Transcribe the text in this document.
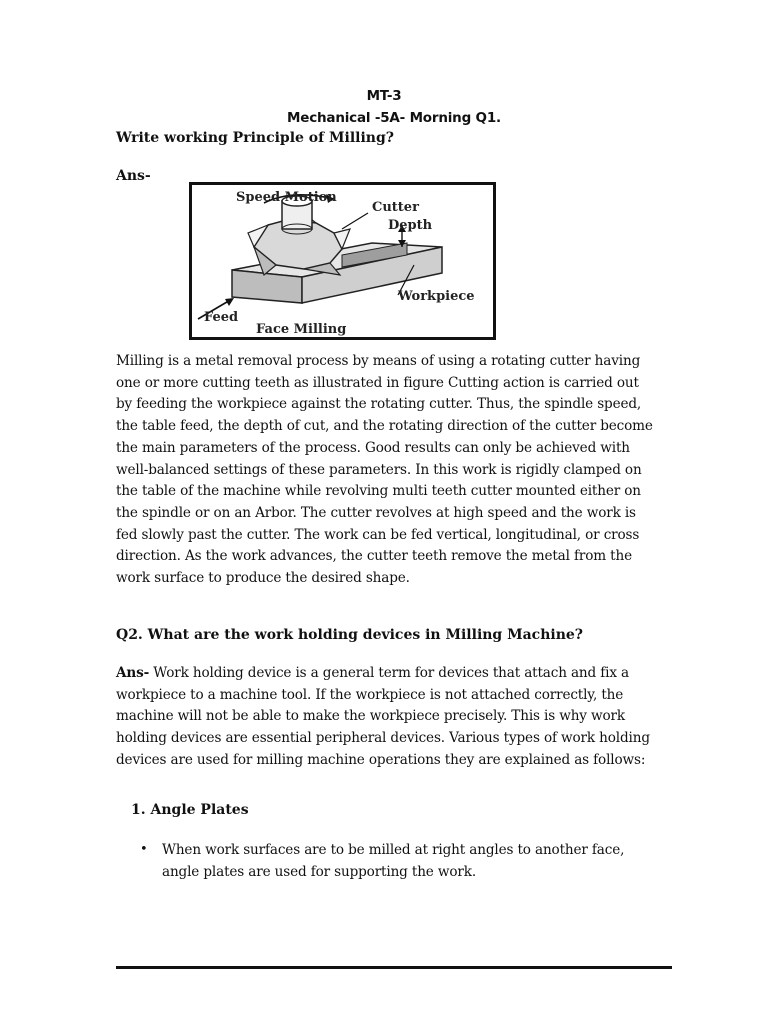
MT-3
Mechanical -5A- Morning Q1.
Write working Principle of Milling?
Ans-
Speed Motion
Cutter
Depth
Workpiece
Feed
Face Milling
Milling is a metal removal process by means of using a rotating cutter having one or more cutting teeth as illustrated in figure Cutting action is carried out by feeding the workpiece against the rotating cutter. Thus, the spindle speed, the table feed, the depth of cut, and the rotating direction of the cutter become the main parameters of the process. Good results can only be achieved with well-balanced settings of these parameters. In this work is rigidly clamped on the table of the machine while revolving multi teeth cutter mounted either on the spindle or on an Arbor. The cutter revolves at high speed and the work is fed slowly past the cutter. The work can be fed vertical, longitudinal, or cross direction. As the work advances, the cutter teeth remove the metal from the work surface to produce the desired shape.
Q2. What are the work holding devices in Milling Machine?
Ans- Work holding device is a general term for devices that attach and fix a workpiece to a machine tool. If the workpiece is not attached correctly, the machine will not be able to make the workpiece precisely. This is why work holding devices are essential peripheral devices. Various types of work holding devices are used for milling machine operations they are explained as follows:
1. Angle Plates
• When work surfaces are to be milled at right angles to another face, angle plates are used for supporting the work.
